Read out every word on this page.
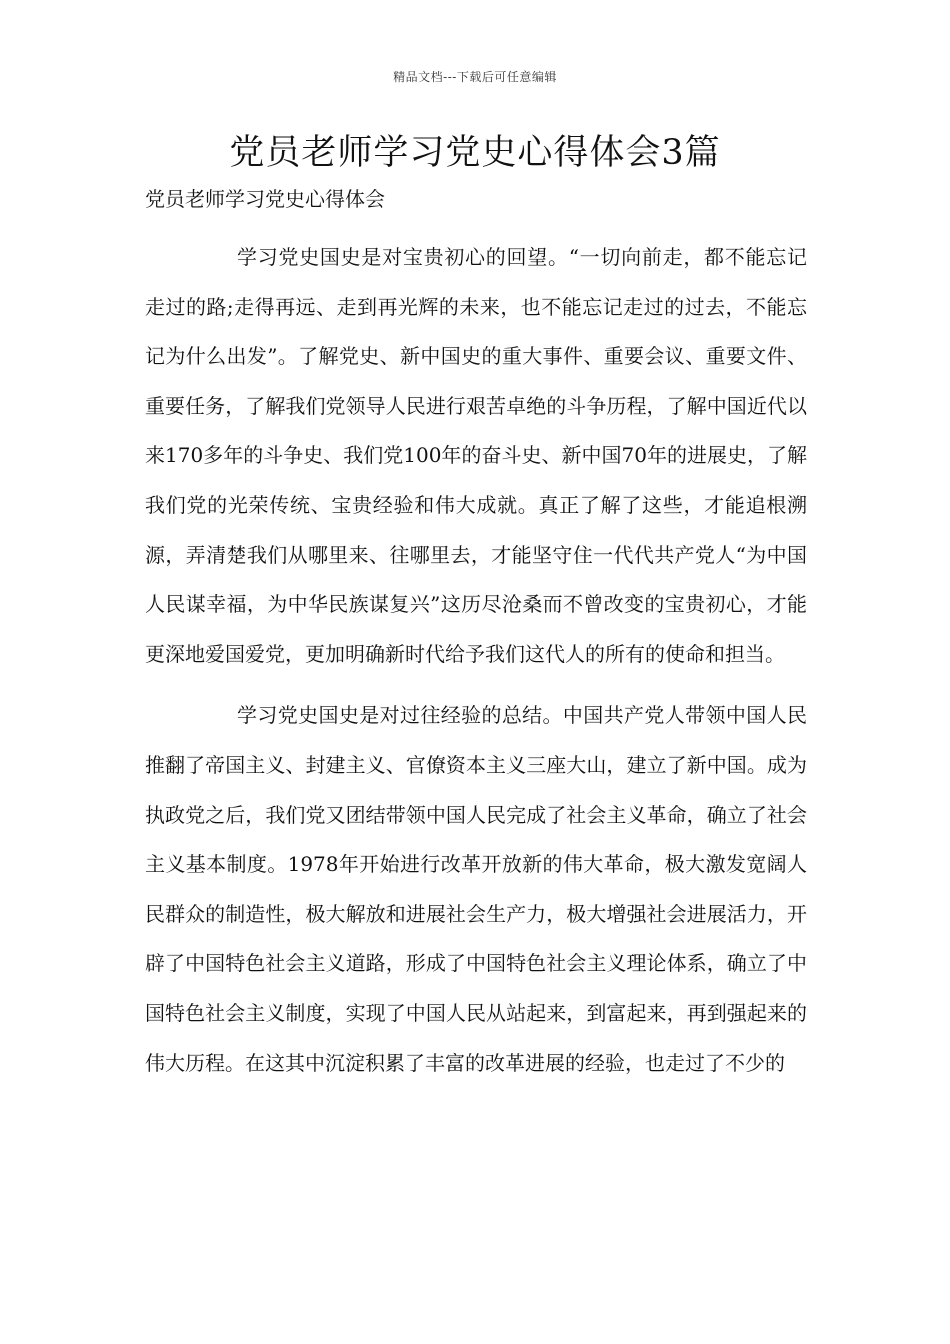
精品文档---下载后可任意编辑
党员老师学习党史心得体会3篇

党员老师学习党史心得体会

学习党史国史是对宝贵初心的回望。“一切向前走，都不能忘记走过的路;走得再远、走到再光辉的未来，也不能忘记走过的过去，不能忘记为什么出发”。了解党史、新中国史的重大事件、重要会议、重要文件、重要任务，了解我们党领导人民进行艰苦卓绝的斗争历程，了解中国近代以来170多年的斗争史、我们党100年的奋斗史、新中国70年的进展史，了解我们党的光荣传统、宝贵经验和伟大成就。真正了解了这些，才能追根溯源，弄清楚我们从哪里来、往哪里去，才能坚守住一代代共产党人“为中国人民谋幸福，为中华民族谋复兴”这历尽沧桑而不曾改变的宝贵初心，才能更深地爱国爱党，更加明确新时代给予我们这代人的所有的使命和担当。

学习党史国史是对过往经验的总结。中国共产党人带领中国人民推翻了帝国主义、封建主义、官僚资本主义三座大山，建立了新中国。成为执政党之后，我们党又团结带领中国人民完成了社会主义革命，确立了社会主义基本制度。1978年开始进行改革开放新的伟大革命，极大激发宽阔人民群众的制造性，极大解放和进展社会生产力，极大增强社会进展活力，开辟了中国特色社会主义道路，形成了中国特色社会主义理论体系，确立了中国特色社会主义制度，实现了中国人民从站起来，到富起来，再到强起来的伟大历程。在这其中沉淀积累了丰富的改革进展的经验，也走过了不少的
